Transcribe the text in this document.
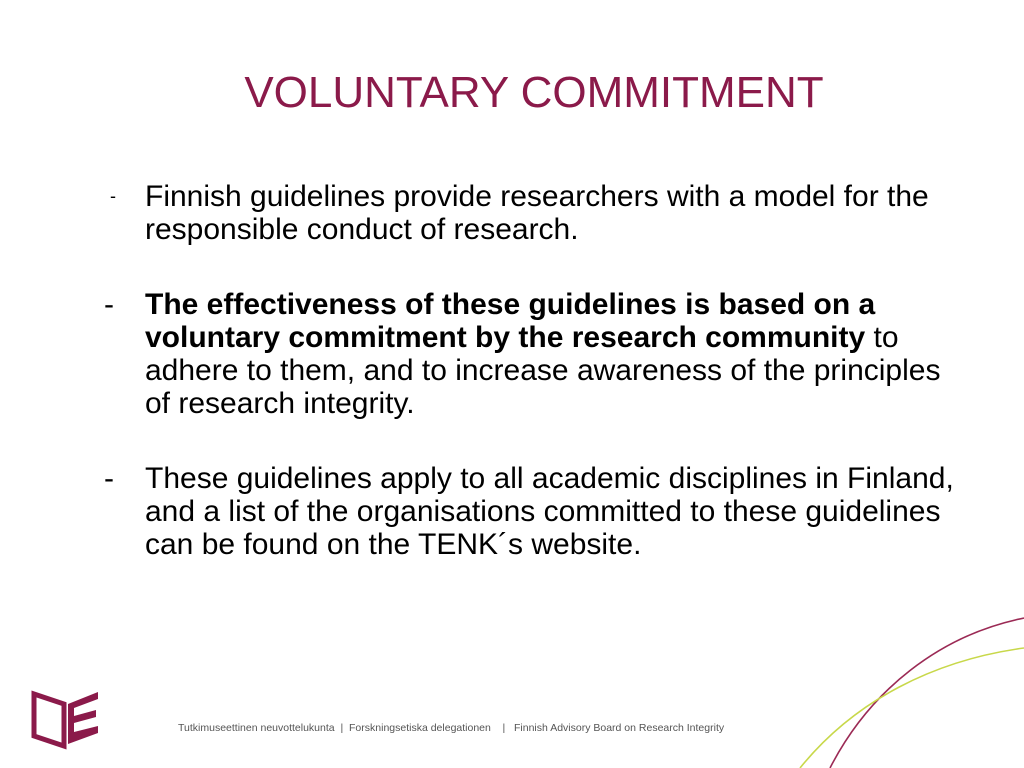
VOLUNTARY COMMITMENT
- Finnish guidelines provide researchers with a model for the responsible conduct of research.
-	The effectiveness of these guidelines is based on a voluntary commitment by the research community to adhere to them, and to increase awareness of the principles of research integrity.
-	These guidelines apply to all academic disciplines in Finland, and a list of the organisations committed to these guidelines can be found on the TENK´s website.
Tutkimuseettinen neuvottelukunta  |  Forskningsetiska delegationen    |   Finnish Advisory Board on Research Integrity
